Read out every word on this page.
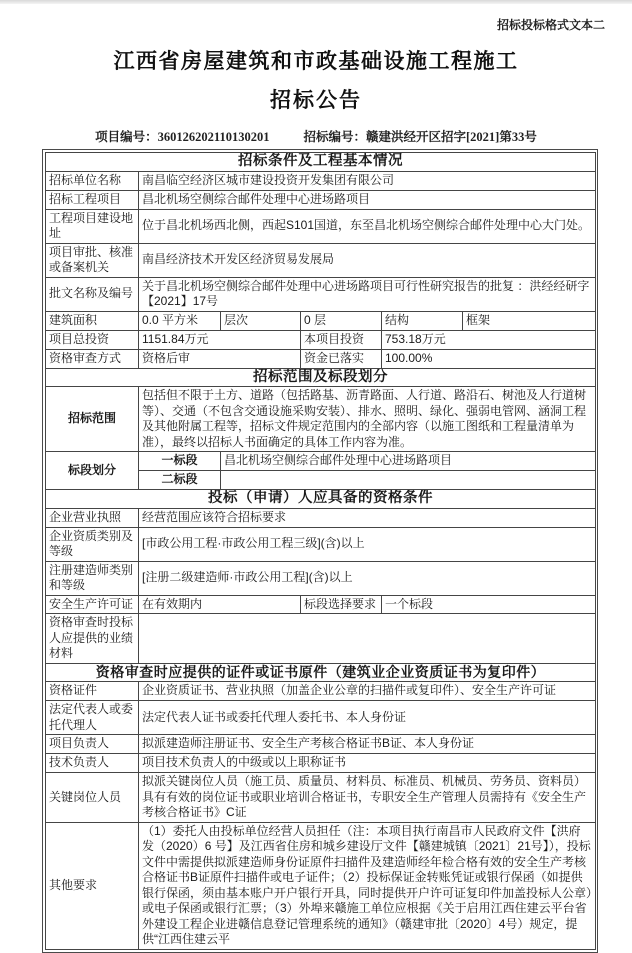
招标投标格式文本二
江西省房屋建筑和市政基础设施工程施工
招标公告
项目编号：360126202110130201	招标编号：赣建洪经开区招字[2021]第33号
招标条件及工程基本情况					
招标单位名称	南昌临空经济区城市建设投资开发集团有限公司				
招标工程项目	昌北机场空侧综合邮件处理中心进场路项目				
工程项目建设地址	位于昌北机场西北侧，西起S101国道，东至昌北机场空侧综合邮件处理中心大门处。				
项目审批、核准或备案机关	南昌经济技术开发区经济贸易发展局				
批文名称及编号	关于昌北机场空侧综合邮件处理中心进场路项目可行性研究报告的批复 ：洪经经研字【2021】17号				
建筑面积	0.0 平方米	层次	0 层	结构	框架
项目总投资	1151.84万元		本项目投资	753.18万元	
资格审查方式	资格后审		资金已落实	100.00%	
招标范围及标段划分					
招标范围	包括但不限于土方、道路（包括路基、沥青路面、人行道、路沿石、树池及人行道树等）、交通（不包含交通设施采购安装）、排水、照明、绿化、强弱电管网、涵洞工程及其他附属工程等，招标文件规定范围内的全部内容（以施工图纸和工程量清单为准），最终以招标人书面确定的具体工作内容为准。				
标段划分	一标段	昌北机场空侧综合邮件处理中心进场路项目			
	二标段				
投标（申请）人应具备的资格条件					
企业营业执照	经营范围应该符合招标要求				
企业资质类别及等级	[市政公用工程·市政公用工程三级](含)以上				
注册建造师类别和等级	[注册二级建造师·市政公用工程](含)以上				
安全生产许可证	在有效期内		标段选择要求	一个标段	
资格审查时投标人应提供的业绩材料					
资格审查时应提供的证件或证书原件（建筑业企业资质证书为复印件）					
资格证件	企业资质证书、营业执照（加盖企业公章的扫描件或复印件）、安全生产许可证				
法定代表人或委托代理人	法定代表人证书或委托代理人委托书、本人身份证				
项目负责人	拟派建造师注册证书、安全生产考核合格证书B证、本人身份证				
技术负责人	项目技术负责人的中级或以上职称证书				
关键岗位人员	拟派关键岗位人员（施工员、质量员、材料员、标准员、机械员、劳务员、资料员）具有有效的岗位证书或职业培训合格证书，专职安全生产管理人员需持有《安全生产考核合格证书》C证				
其他要求	（1）委托人由投标单位经营人员担任（注：本项目执行南昌市人民政府文件【洪府发（2020）6 号】及江西省住房和城乡建设厅文件【赣建城镇〔2021〕21号】），投标文件中需提供拟派建造师身份证原件扫描件及建造师经年检合格有效的安全生产考核合格证书B证原件扫描件或电子证件；（2）投标保证金转账凭证或银行保函（如提供银行保函，须由基本账户开户银行开具，同时提供开户许可证复印件加盖投标人公章）或电子保函或银行汇票；（3）外埠来赣施工单位应根据《关于启用江西住建云平台省外建设工程企业进赣信息登记管理系统的通知》（赣建审批〔2020〕4号）规定，提供“江西住建云平				
